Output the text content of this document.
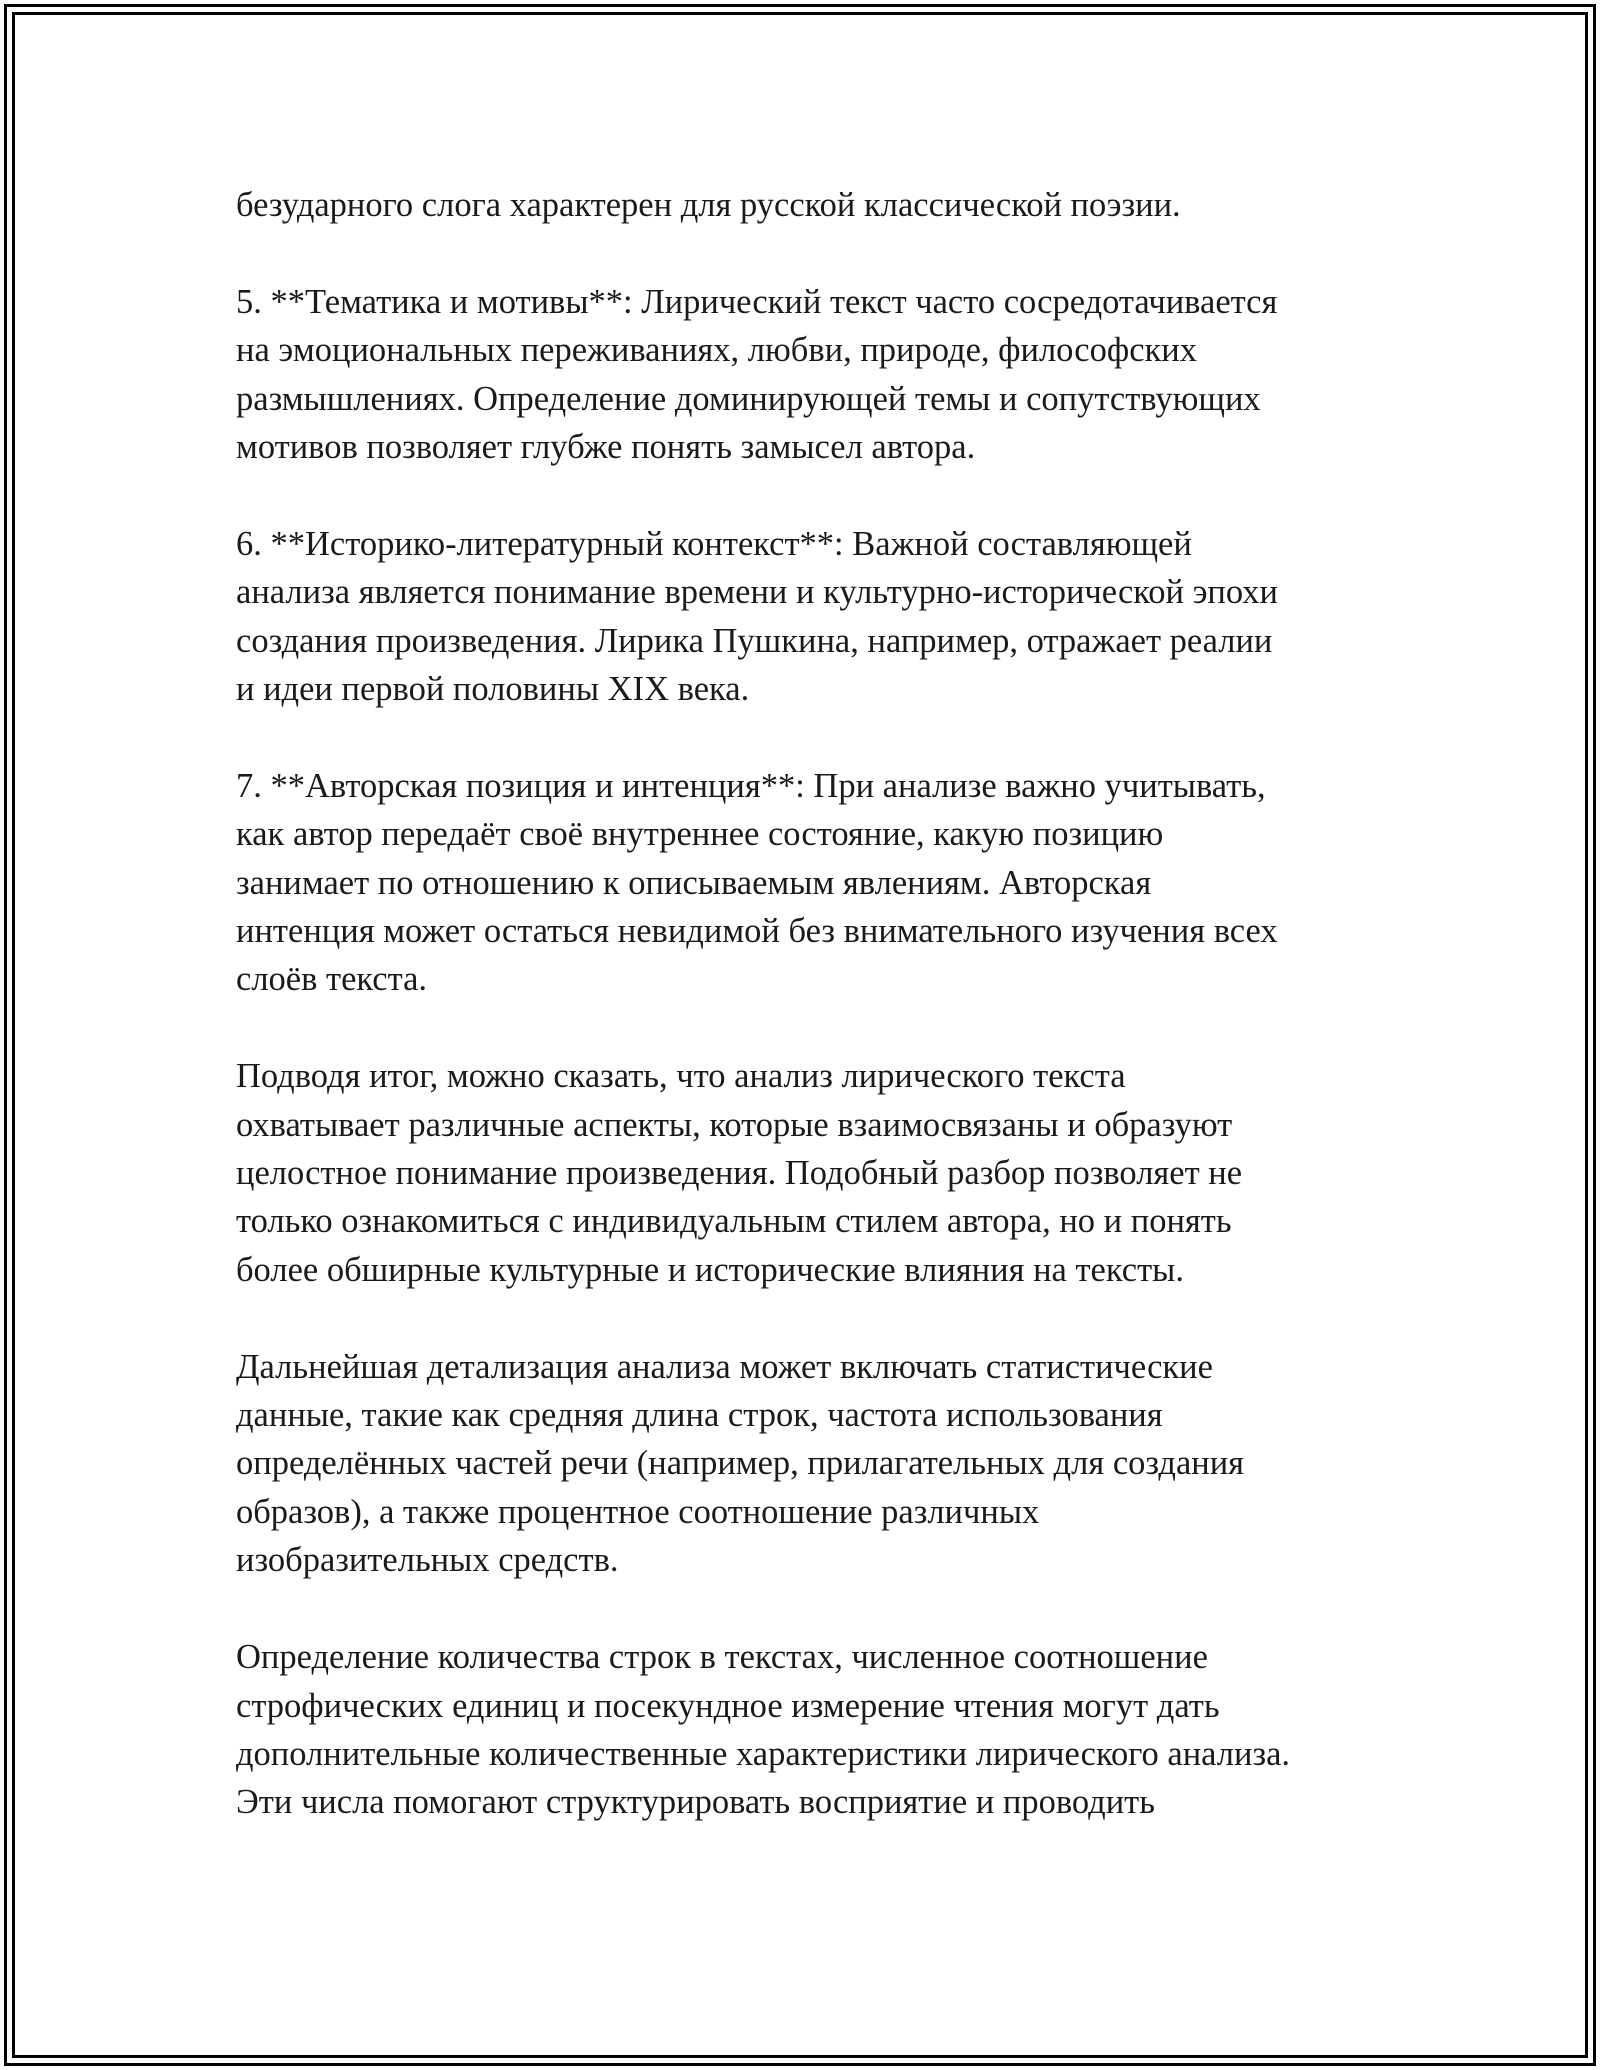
безударного слога характерен для русской классической поэзии.

5. **Тематика и мотивы**: Лирический текст часто сосредотачивается
на эмоциональных переживаниях, любви, природе, философских
размышлениях. Определение доминирующей темы и сопутствующих
мотивов позволяет глубже понять замысел автора.

6. **Историко-литературный контекст**: Важной составляющей
анализа является понимание времени и культурно-исторической эпохи
создания произведения. Лирика Пушкина, например, отражает реалии
и идеи первой половины XIX века.

7. **Авторская позиция и интенция**: При анализе важно учитывать,
как автор передаёт своё внутреннее состояние, какую позицию
занимает по отношению к описываемым явлениям. Авторская
интенция может остаться невидимой без внимательного изучения всех
слоёв текста.

Подводя итог, можно сказать, что анализ лирического текста
охватывает различные аспекты, которые взаимосвязаны и образуют
целостное понимание произведения. Подобный разбор позволяет не
только ознакомиться с индивидуальным стилем автора, но и понять
более обширные культурные и исторические влияния на тексты.

Дальнейшая детализация анализа может включать статистические
данные, такие как средняя длина строк, частота использования
определённых частей речи (например, прилагательных для создания
образов), а также процентное соотношение различных
изобразительных средств.

Определение количества строк в текстах, численное соотношение
строфических единиц и посекундное измерение чтения могут дать
дополнительные количественные характеристики лирического анализа.
Эти числа помогают структурировать восприятие и проводить
